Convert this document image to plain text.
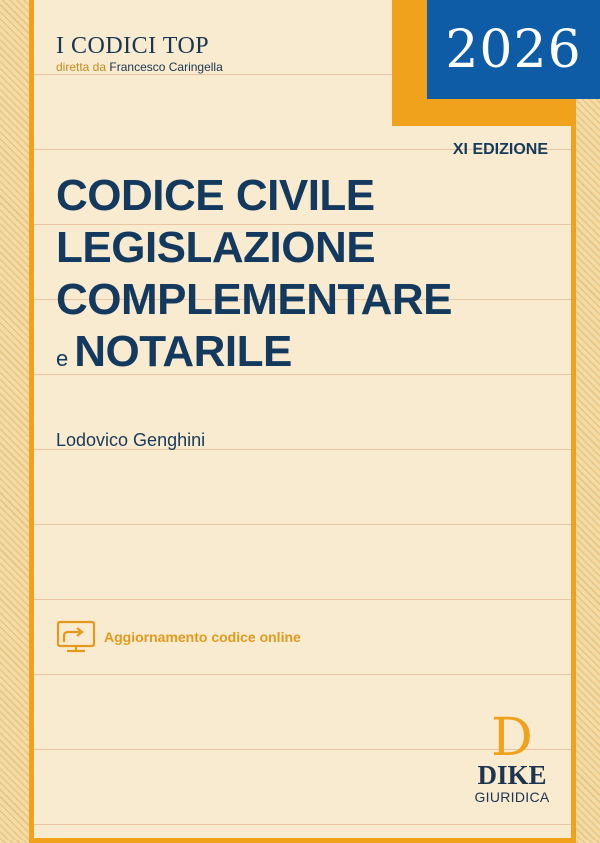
2026
I CODICI TOP
diretta da Francesco Caringella
XI EDIZIONE
CODICE CIVILE
LEGISLAZIONE
COMPLEMENTARE
e NOTARILE
Lodovico Genghini
Aggiornamento codice online
D
DIKE
GIURIDICA
